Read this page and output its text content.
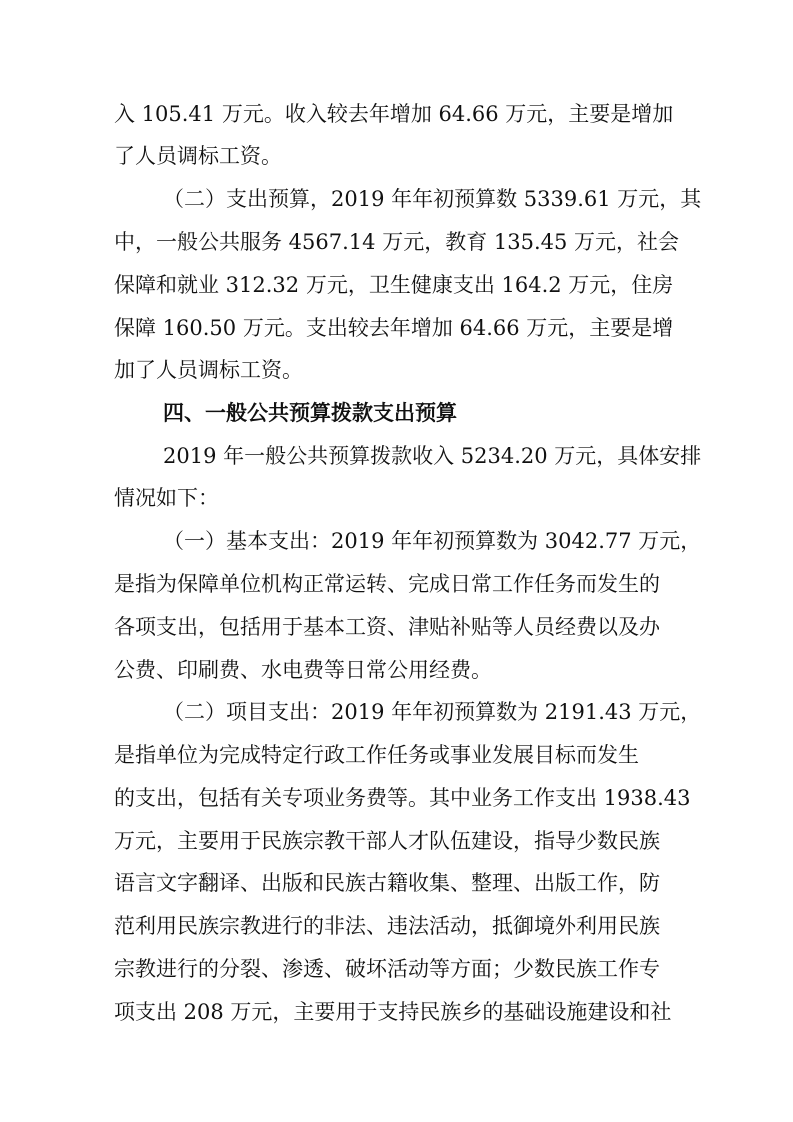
入 105.41 万元。收入较去年增加 64.66 万元，主要是增加

了人员调标工资。

（二）支出预算，2019 年年初预算数 5339.61 万元，其

中，一般公共服务 4567.14 万元，教育 135.45 万元，社会

保障和就业 312.32 万元，卫生健康支出 164.2 万元，住房

保障 160.50 万元。支出较去年增加 64.66 万元，主要是增

加了人员调标工资。

四、一般公共预算拨款支出预算

2019 年一般公共预算拨款收入 5234.20 万元，具体安排

情况如下：

（一）基本支出：2019 年年初预算数为 3042.77 万元，

是指为保障单位机构正常运转、完成日常工作任务而发生的

各项支出，包括用于基本工资、津贴补贴等人员经费以及办

公费、印刷费、水电费等日常公用经费。

（二）项目支出：2019 年年初预算数为 2191.43 万元，

是指单位为完成特定行政工作任务或事业发展目标而发生

的支出，包括有关专项业务费等。其中业务工作支出 1938.43

万元，主要用于民族宗教干部人才队伍建设，指导少数民族

语言文字翻译、出版和民族古籍收集、整理、出版工作，防

范利用民族宗教进行的非法、违法活动，抵御境外利用民族

宗教进行的分裂、渗透、破坏活动等方面；少数民族工作专

项支出 208 万元，主要用于支持民族乡的基础设施建设和社
